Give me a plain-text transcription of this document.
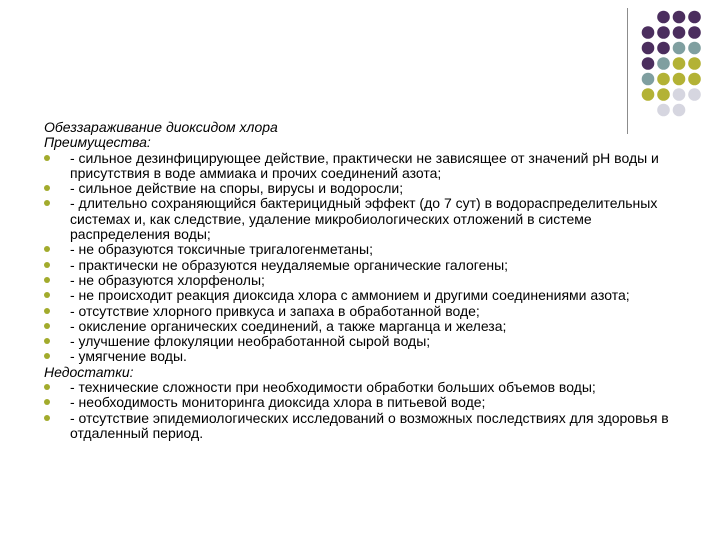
Обеззараживание диоксидом хлора

Преимущества:

- сильное дезинфицирующее действие, практически не зависящее от значений pH воды и присутствия в воде аммиака и прочих соединений азота;

- сильное действие на споры, вирусы и водоросли;

- длительно сохраняющийся бактерицидный эффект (до 7 сут) в водораспределительных системах и, как следствие, удаление микробиологических отложений в системе распределения воды;

- не образуются токсичные тригалогенметаны;

- практически не образуются неудаляемые органические галогены;

- не образуются хлорфенолы;

- не происходит реакция диоксида хлора с аммонием и другими соединениями азота;

- отсутствие хлорного привкуса и запаха в обработанной воде;

- окисление органических соединений, а также марганца и железа;

- улучшение флокуляции необработанной сырой воды;

- умягчение воды.

Недостатки:

- технические сложности при необходимости обработки больших объемов воды;

- необходимость мониторинга диоксида хлора в питьевой воде;

- отсутствие эпидемиологических исследований о возможных последствиях для здоровья в отдаленный период.
